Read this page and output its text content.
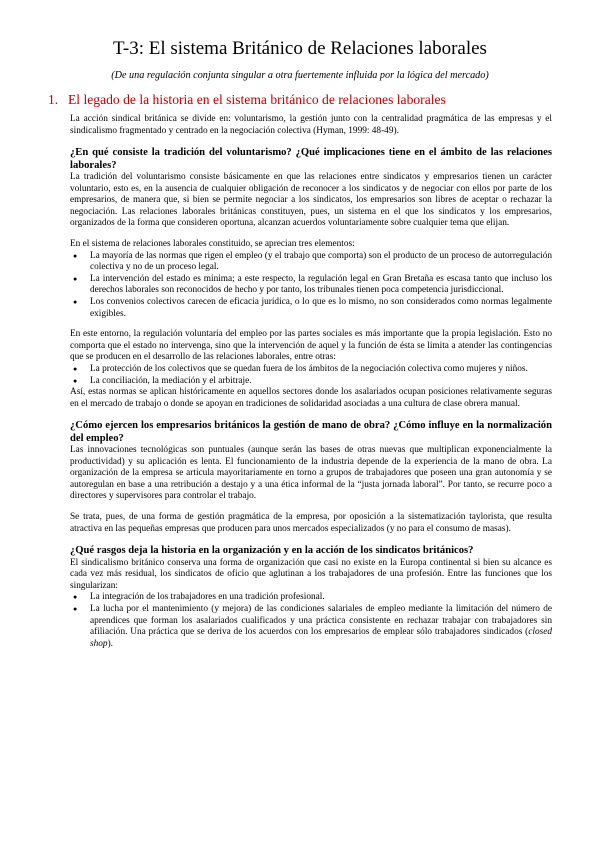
T-3: El sistema Británico de Relaciones laborales
(De una regulación conjunta singular a otra fuertemente influida por la lógica del mercado)
1. El legado de la historia en el sistema británico de relaciones laborales

La acción sindical británica se divide en: voluntarismo, la gestión junto con la centralidad pragmática de las empresas y el sindicalismo fragmentado y centrado en la negociación colectiva (Hyman, 1999: 48-49).

¿En qué consiste la tradición del voluntarismo? ¿Qué implicaciones tiene en el ámbito de las relaciones laborales?

La tradición del voluntarismo consiste básicamente en que las relaciones entre sindicatos y empresarios tienen un carácter voluntario, esto es, en la ausencia de cualquier obligación de reconocer a los sindicatos y de negociar con ellos por parte de los empresarios, de manera que, si bien se permite negociar a los sindicatos, los empresarios son libres de aceptar o rechazar la negociación. Las relaciones laborales británicas constituyen, pues, un sistema en el que los sindicatos y los empresarios, organizados de la forma que consideren oportuna, alcanzan acuerdos voluntariamente sobre cualquier tema que elijan.

En el sistema de relaciones laborales constituido, se aprecian tres elementos:

● La mayoría de las normas que rigen el empleo (y el trabajo que comporta) son el producto de un proceso de autorregulación colectiva y no de un proceso legal.
● La intervención del estado es mínima; a este respecto, la regulación legal en Gran Bretaña es escasa tanto que incluso los derechos laborales son reconocidos de hecho y por tanto, los tribunales tienen poca competencia jurisdiccional.
● Los convenios colectivos carecen de eficacia jurídica, o lo que es lo mismo, no son considerados como normas legalmente exigibles.

En este entorno, la regulación voluntaria del empleo por las partes sociales es más importante que la propia legislación. Esto no comporta que el estado no intervenga, sino que la intervención de aquel y la función de ésta se limita a atender las contingencias que se producen en el desarrollo de las relaciones laborales, entre otras:

● La protección de los colectivos que se quedan fuera de los ámbitos de la negociación colectiva como mujeres y niños.
● La conciliación, la mediación y el arbitraje.

Así, estas normas se aplican históricamente en aquellos sectores donde los asalariados ocupan posiciones relativamente seguras en el mercado de trabajo o donde se apoyan en tradiciones de solidaridad asociadas a una cultura de clase obrera manual.

¿Cómo ejercen los empresarios británicos la gestión de mano de obra? ¿Cómo influye en la normalización del empleo?

Las innovaciones tecnológicas son puntuales (aunque serán las bases de otras nuevas que multiplican exponencialmente la productividad) y su aplicación es lenta. El funcionamiento de la industria depende de la experiencia de la mano de obra. La organización de la empresa se articula mayoritariamente en torno a grupos de trabajadores que poseen una gran autonomía y se autoregulan en base a una retribución a destajo y a una ética informal de la “justa jornada laboral”. Por tanto, se recurre poco a directores y supervisores para controlar el trabajo.

Se trata, pues, de una forma de gestión pragmática de la empresa, por oposición a la sistematización taylorista, que resulta atractiva en las pequeñas empresas que producen para unos mercados especializados (y no para el consumo de masas).

¿Qué rasgos deja la historia en la organización y en la acción de los sindicatos británicos?

El sindicalismo británico conserva una forma de organización que casi no existe en la Europa continental si bien su alcance es cada vez más residual, los sindicatos de oficio que aglutinan a los trabajadores de una profesión. Entre las funciones que los singularizan:

● La integración de los trabajadores en una tradición profesional.
● La lucha por el mantenimiento (y mejora) de las condiciones salariales de empleo mediante la limitación del número de aprendices que forman los asalariados cualificados y una práctica consistente en rechazar trabajar con trabajadores sin afiliación. Una práctica que se deriva de los acuerdos con los empresarios de emplear sólo trabajadores sindicados (closed shop).
